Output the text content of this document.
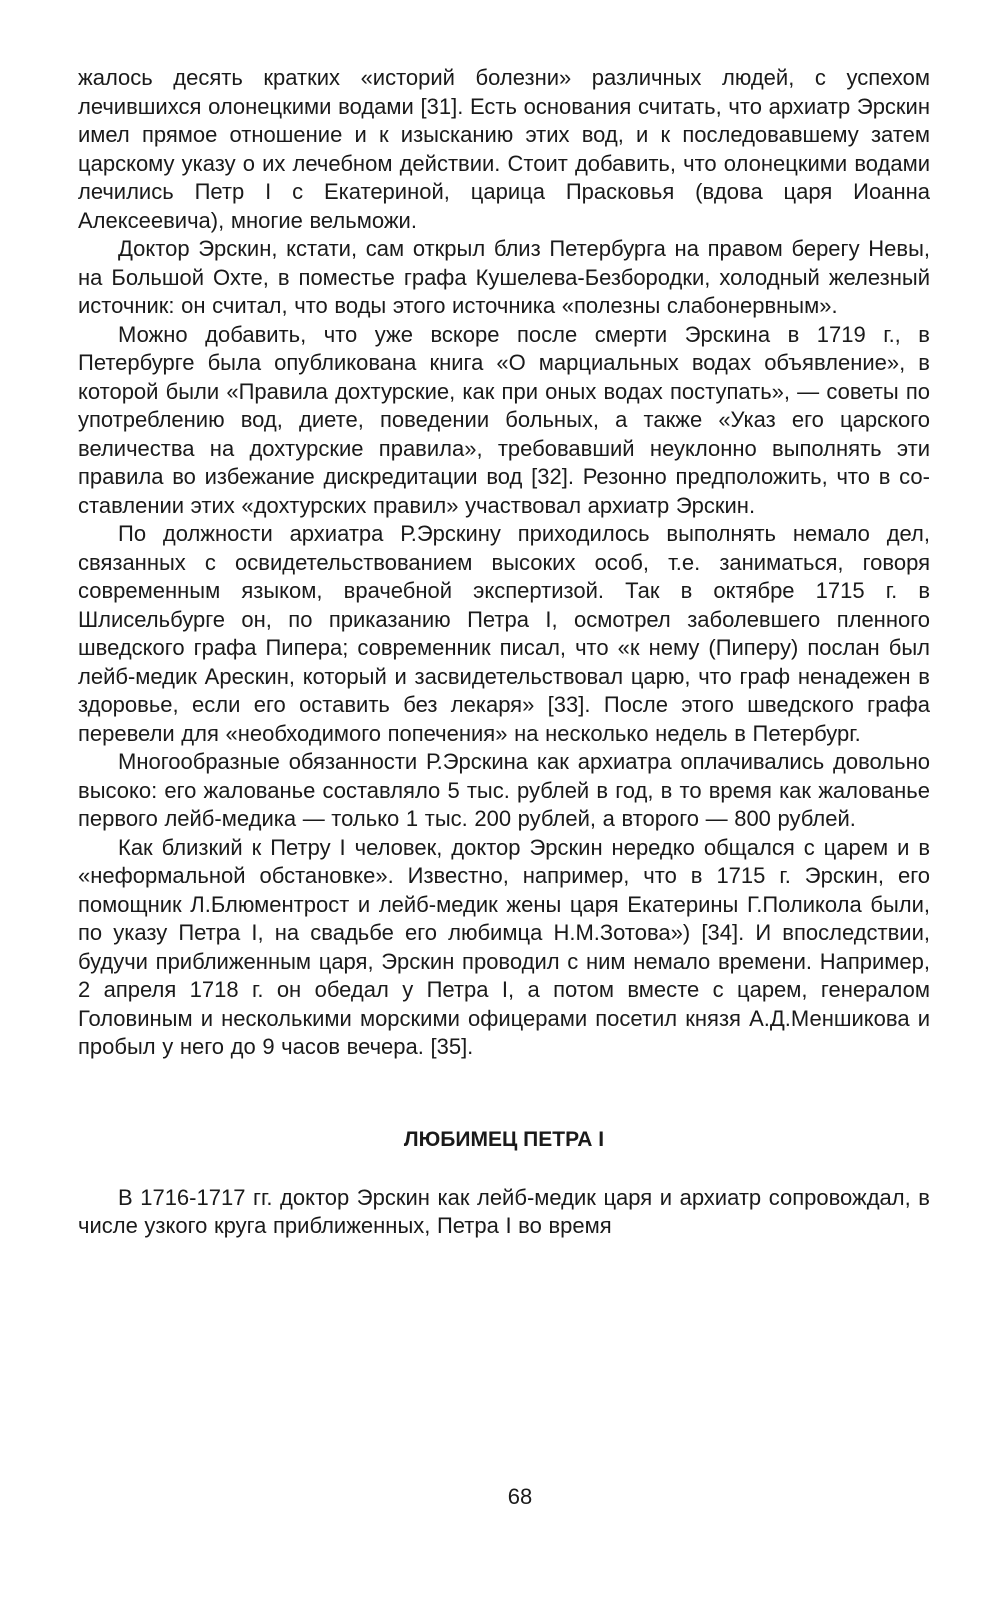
жалось десять кратких «историй болезни» различных людей, с успехом лечившихся олонецкими водами [31]. Есть основания считать, что архиатр Эрскин имел прямое отношение и к изысканию этих вод, и к последовавшему затем царскому указу о их лечебном действии. Стоит добавить, что олонецкими водами лечились Петр I с Екатериной, царица Прасковья (вдова царя Иоанна Алексеевича), многие вельможи.

Доктор Эрскин, кстати, сам открыл близ Петербурга на правом берегу Невы, на Большой Охте, в поместье графа Кушелева-Безбородки, холодный железный источник: он считал, что воды этого источника «полезны слабонервным».

Можно добавить, что уже вскоре после смерти Эрскина в 1719 г., в Петербурге была опубликована книга «О марциальных водах объявление», в которой были «Правила дохтурские, как при оных водах поступать», — советы по употреблению вод, диете, поведении больных, а также «Указ его царского величества на дохтурские правила», требовавший неуклонно выполнять эти правила во избежание дискредитации вод [32]. Резонно предположить, что в составлении этих «дохтурских правил» участвовал архиатр Эрскин.

По должности архиатра Р.Эрскину приходилось выполнять немало дел, связанных с освидетельствованием высоких особ, т.е. заниматься, говоря современным языком, врачебной экспертизой. Так в октябре 1715 г. в Шлисельбурге он, по приказанию Петра I, осмотрел заболевшего пленного шведского графа Пипера; современник писал, что «к нему (Пиперу) послан был лейб-медик Арескин, который и засвидетельствовал царю, что граф ненадежен в здоровье, если его оставить без лекаря» [33]. После этого шведского графа перевели для «необходимого попечения» на несколько недель в Петербург.

Многообразные обязанности Р.Эрскина как архиатра оплачивались довольно высоко: его жалованье составляло 5 тыс. рублей в год, в то время как жалованье первого лейб-медика — только 1 тыс. 200 рублей, а второго — 800 рублей.

Как близкий к Петру I человек, доктор Эрскин нередко общался с царем и в «неформальной обстановке». Известно, например, что в 1715 г. Эрскин, его помощник Л.Блюментрост и лейб-медик жены царя Екатерины Г.Поликола были, по указу Петра I, на свадьбе его любимца Н.М.Зотова») [34]. И впоследствии, будучи приближенным царя, Эрскин проводил с ним немало времени. Например, 2 апреля 1718 г. он обедал у Петра I, а потом вместе с царем, генералом Головиным и несколькими морскими офицерами посетил князя А.Д.Меншикова и пробыл у него до 9 часов вечера. [35].

ЛЮБИМЕЦ ПЕТРА I

В 1716-1717 гг. доктор Эрскин как лейб-медик царя и архиатр сопровождал, в числе узкого круга приближенных, Петра I во время

68
